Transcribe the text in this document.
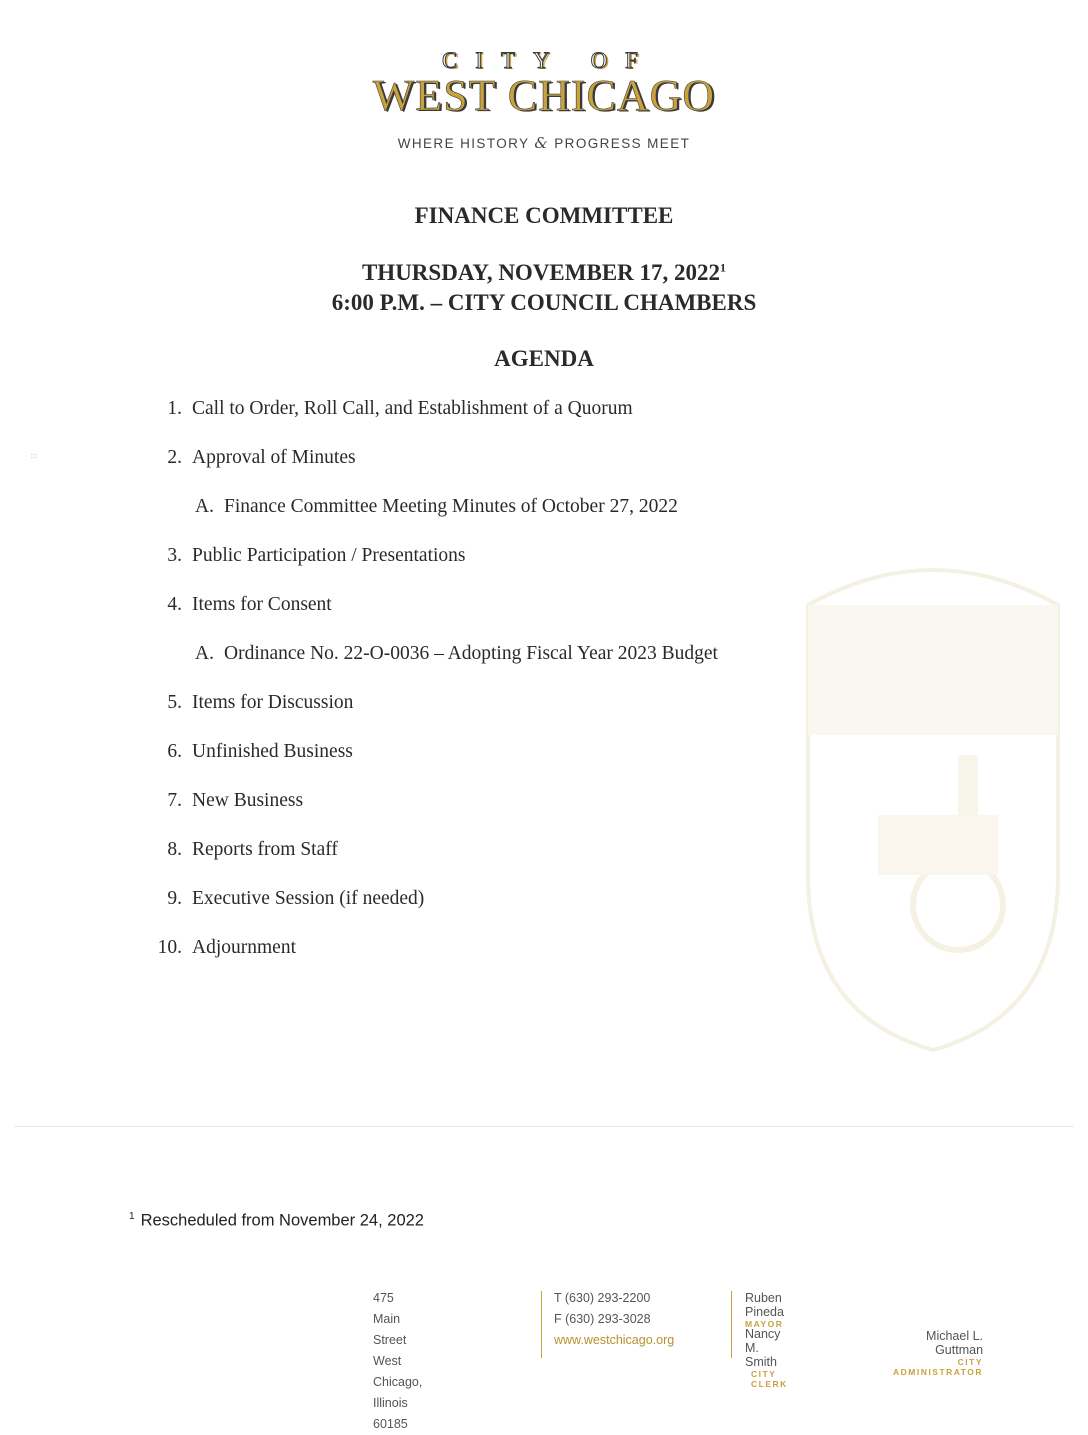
∷
CITY OF
WEST CHICAGO
WHERE HISTORY & PROGRESS MEET
FINANCE COMMITTEE
THURSDAY, NOVEMBER 17, 2022$^1$
6:00 P.M. – CITY COUNCIL CHAMBERS
AGENDA
1. Call to Order, Roll Call, and Establishment of a Quorum
2. Approval of Minutes
A. Finance Committee Meeting Minutes of October 27, 2022
3. Public Participation / Presentations
4. Items for Consent
A. Ordinance No. 22-O-0036 – Adopting Fiscal Year 2023 Budget
5. Items for Discussion
6. Unfinished Business
7. New Business
8. Reports from Staff
9. Executive Session (if needed)
10. Adjournment
$^1$ Rescheduled from November 24, 2022
475 Main Street
West Chicago, Illinois
60185
T (630) 293-2200
F (630) 293-3028
www.westchicago.org
Ruben Pineda
MAYOR
Nancy M. Smith
CITY CLERK
Michael L. Guttman
CITY ADMINISTRATOR
